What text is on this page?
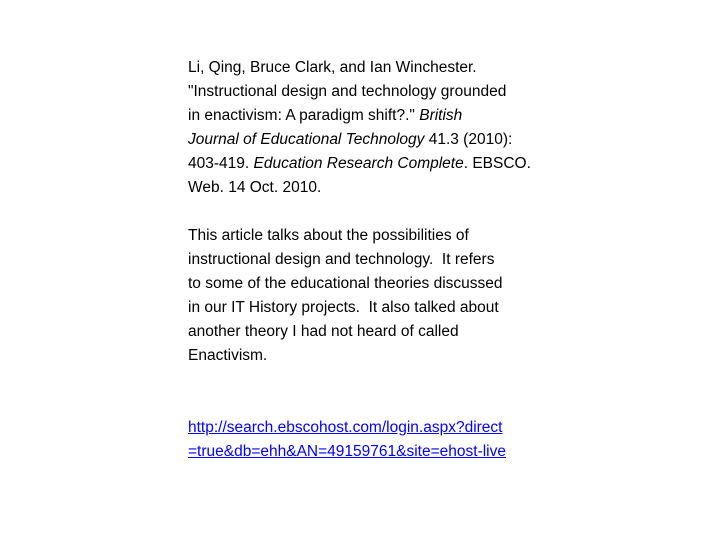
Li, Qing, Bruce Clark, and Ian Winchester.
"Instructional design and technology grounded
in enactivism: A paradigm shift?." British
Journal of Educational Technology 41.3 (2010):
403-419. Education Research Complete. EBSCO.
Web. 14 Oct. 2010.
This article talks about the possibilities of
instructional design and technology.  It refers
to some of the educational theories discussed
in our IT History projects.  It also talked about
another theory I had not heard of called
Enactivism.
http://search.ebscohost.com/login.aspx?direct
=true&db=ehh&AN=49159761&site=ehost-live
